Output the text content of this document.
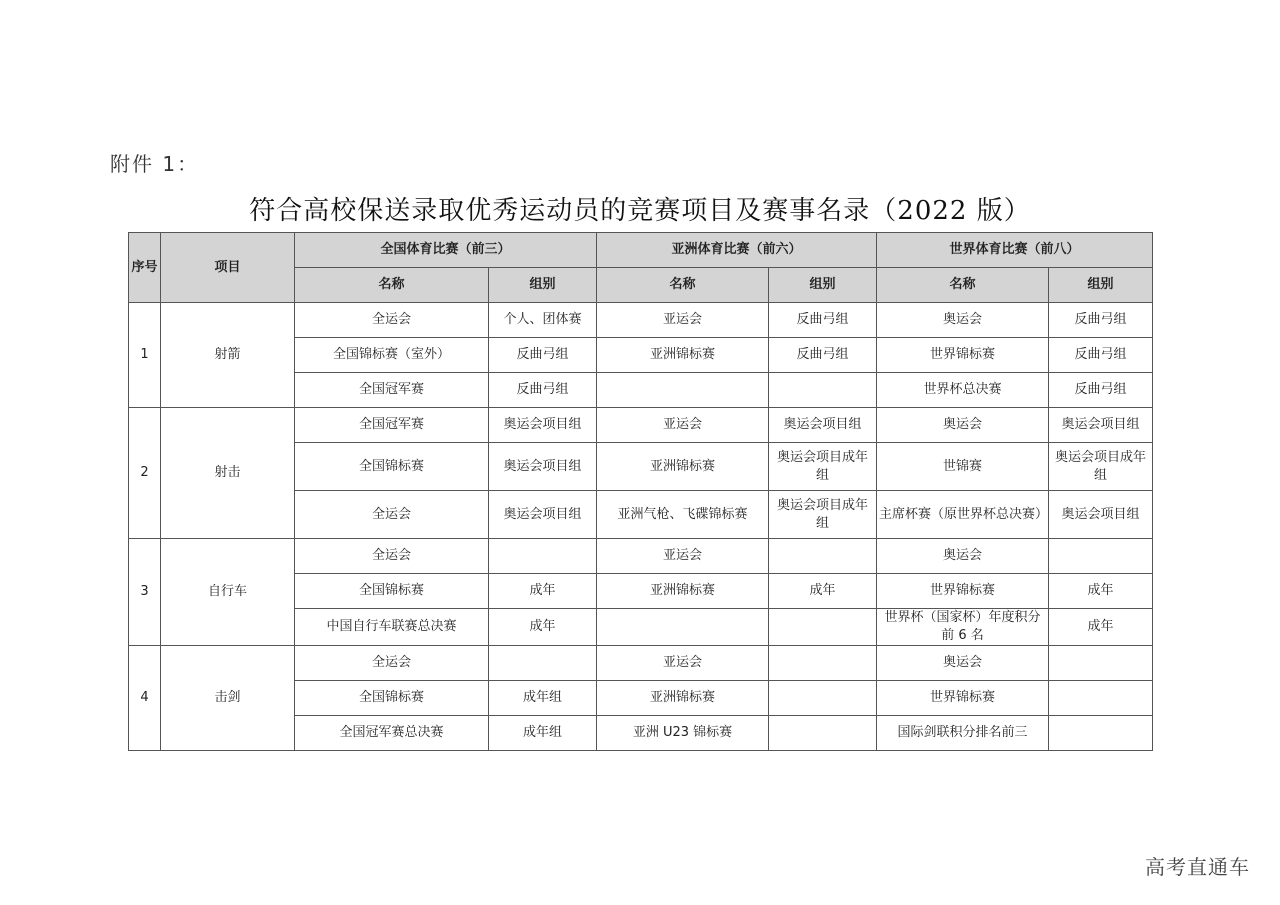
附件 1：
符合高校保送录取优秀运动员的竞赛项目及赛事名录（2022 版）
序号	项目	全国体育比赛（前三）		亚洲体育比赛（前六）		世界体育比赛（前八）	
		名称	组别	名称	组别	名称	组别
1	射箭	全运会	个人、团体赛	亚运会	反曲弓组	奥运会	反曲弓组
		全国锦标赛（室外）	反曲弓组	亚洲锦标赛	反曲弓组	世界锦标赛	反曲弓组
		全国冠军赛	反曲弓组			世界杯总决赛	反曲弓组
2	射击	全国冠军赛	奥运会项目组	亚运会	奥运会项目组	奥运会	奥运会项目组
		全国锦标赛	奥运会项目组	亚洲锦标赛	奥运会项目成年组	世锦赛	奥运会项目成年组
		全运会	奥运会项目组	亚洲气枪、飞碟锦标赛	奥运会项目成年组	主席杯赛（原世界杯总决赛）	奥运会项目组
3	自行车	全运会		亚运会		奥运会	
		全国锦标赛	成年	亚洲锦标赛	成年	世界锦标赛	成年
		中国自行车联赛总决赛	成年			世界杯（国家杯）年度积分前 6 名	成年
4	击剑	全运会		亚运会		奥运会	
		全国锦标赛	成年组	亚洲锦标赛		世界锦标赛	
		全国冠军赛总决赛	成年组	亚洲 U23 锦标赛		国际剑联积分排名前三	
高考直通车
